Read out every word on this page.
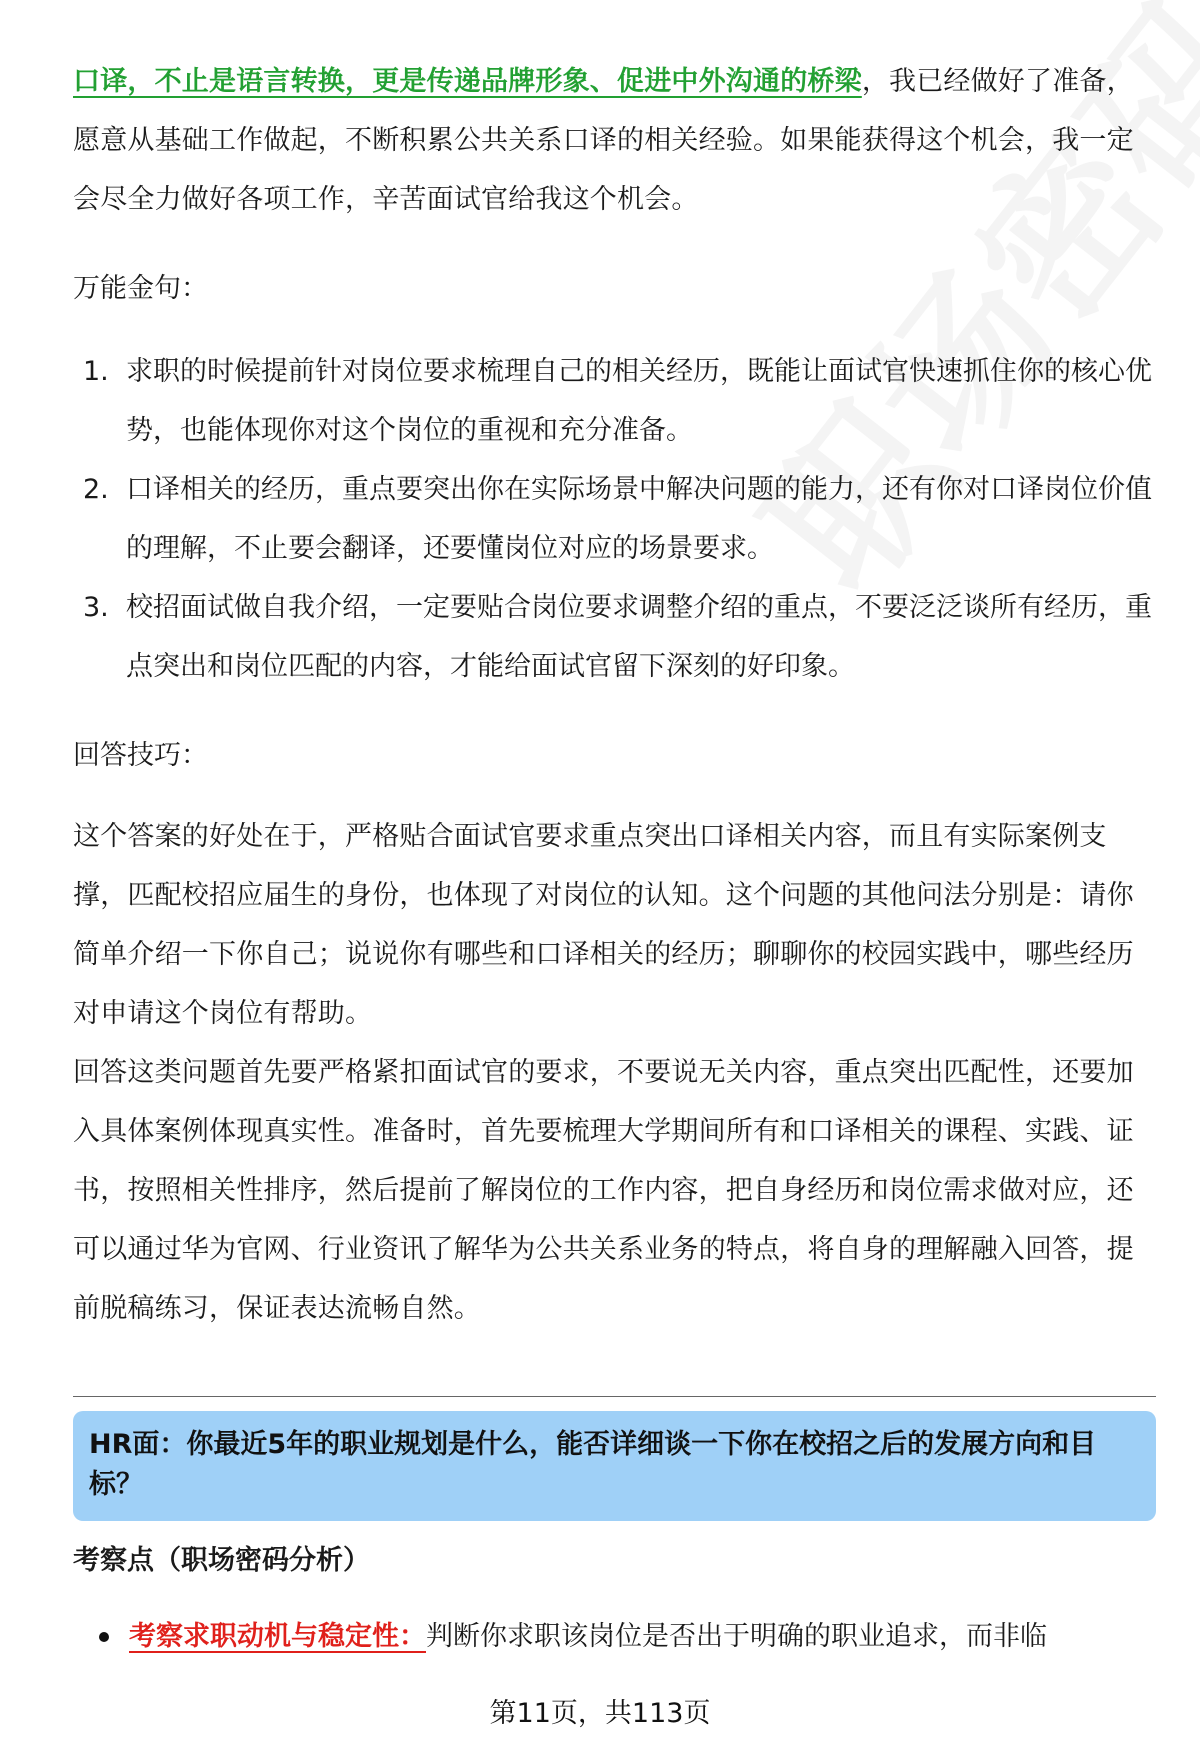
口译，不止是语言转换，更是传递品牌形象、促进中外沟通的桥梁，我已经做好了准备，愿意从基础工作做起，不断积累公共关系口译的相关经验。如果能获得这个机会，我一定会尽全力做好各项工作，辛苦面试官给我这个机会。

万能金句：

1. 求职的时候提前针对岗位要求梳理自己的相关经历，既能让面试官快速抓住你的核心优势，也能体现你对这个岗位的重视和充分准备。
2. 口译相关的经历，重点要突出你在实际场景中解决问题的能力，还有你对口译岗位价值的理解，不止要会翻译，还要懂岗位对应的场景要求。
3. 校招面试做自我介绍，一定要贴合岗位要求调整介绍的重点，不要泛泛谈所有经历，重点突出和岗位匹配的内容，才能给面试官留下深刻的好印象。

回答技巧：

这个答案的好处在于，严格贴合面试官要求重点突出口译相关内容，而且有实际案例支撑，匹配校招应届生的身份，也体现了对岗位的认知。这个问题的其他问法分别是：请你简单介绍一下你自己；说说你有哪些和口译相关的经历；聊聊你的校园实践中，哪些经历对申请这个岗位有帮助。

回答这类问题首先要严格紧扣面试官的要求，不要说无关内容，重点突出匹配性，还要加入具体案例体现真实性。准备时，首先要梳理大学期间所有和口译相关的课程、实践、证书，按照相关性排序，然后提前了解岗位的工作内容，把自身经历和岗位需求做对应，还可以通过华为官网、行业资讯了解华为公共关系业务的特点，将自身的理解融入回答，提前脱稿练习，保证表达流畅自然。

HR面：你最近5年的职业规划是什么，能否详细谈一下你在校招之后的发展方向和目标？

考察点（职场密码分析）

考察求职动机与稳定性：判断你求职该岗位是否出于明确的职业追求，而非临
第11页，共113页
